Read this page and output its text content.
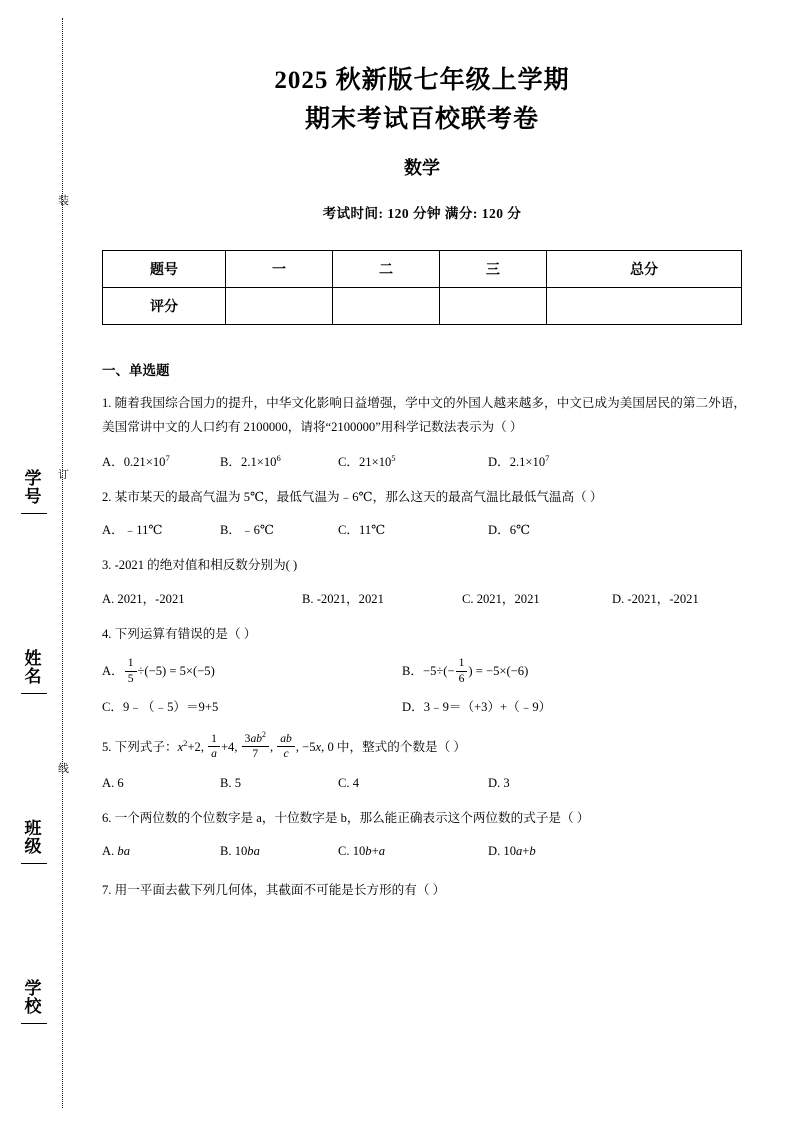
装
订
线
学号
姓名
班级
学校
2025 秋新版七年级上学期
期末考试百校联考卷
数学
考试时间: 120 分钟 满分: 120 分
题号	一	二	三	总分
评分				
一、单选题
1. 随着我国综合国力的提升，中华文化影响日益增强，学中文的外国人越来越多，中文已成为美国居民的第二外语，美国常讲中文的人口约有 2100000，请将“2100000”用科学记数法表示为（ ）
A．$0.21\times 10^7$	B．$2.1\times 10^6$	C．$21\times 10^5$	D．$2.1\times 10^7$
2. 某市某天的最高气温为 5℃，最低气温为﹣6℃，那么这天的最高气温比最低气温高（ ）
A．﹣11℃	B．﹣6℃	C．11℃	D．6℃
3. -2021 的绝对值和相反数分别为( )
A. 2021，-2021	B. -2021，2021	C. 2021，2021	D. -2021，-2021
4. 下列运算有错误的是（ ）
A． $\frac{1}{5} \div(-5) = 5\times(-5)$	B．$-5\div(- \frac{1}{6}$ ) = −5×(−6)
C．9﹣（﹣5）＝9+5	D．3﹣9＝（+3）+（﹣9）
5. 下列式子：$x^2+2$, $\frac{1}{a} +4$, $\frac{3ab^2}{7}$ , $\frac{ab}{c}$ , −5x, 0 中，整式的个数是（ ）
A. 6	B. 5	C. 4	D. 3
6. 一个两位数的个位数字是 a，十位数字是 b，那么能正确表示这个两位数的式子是（ ）
A. ba	B. 10ba	C. 10b+a	D. 10a+b
7. 用一平面去截下列几何体，其截面不可能是长方形的有（ ）
